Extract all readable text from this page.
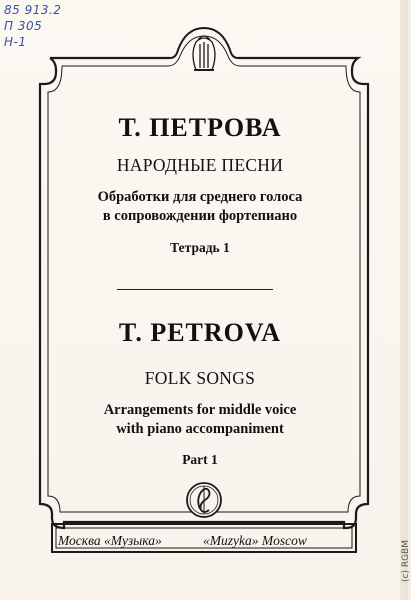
85 913.2
П 305
Н-1
Т. ПЕТРОВА
НАРОДНЫЕ ПЕСНИ
Обработки для среднего голоса
в сопровождении фортепиано
Тетрадь 1
T. PETROVA
FOLK SONGS
Arrangements for middle voice
with piano accompaniment
Part 1
Москва «Музыка»	«Muzyka» Moscow	(c) RGBM
